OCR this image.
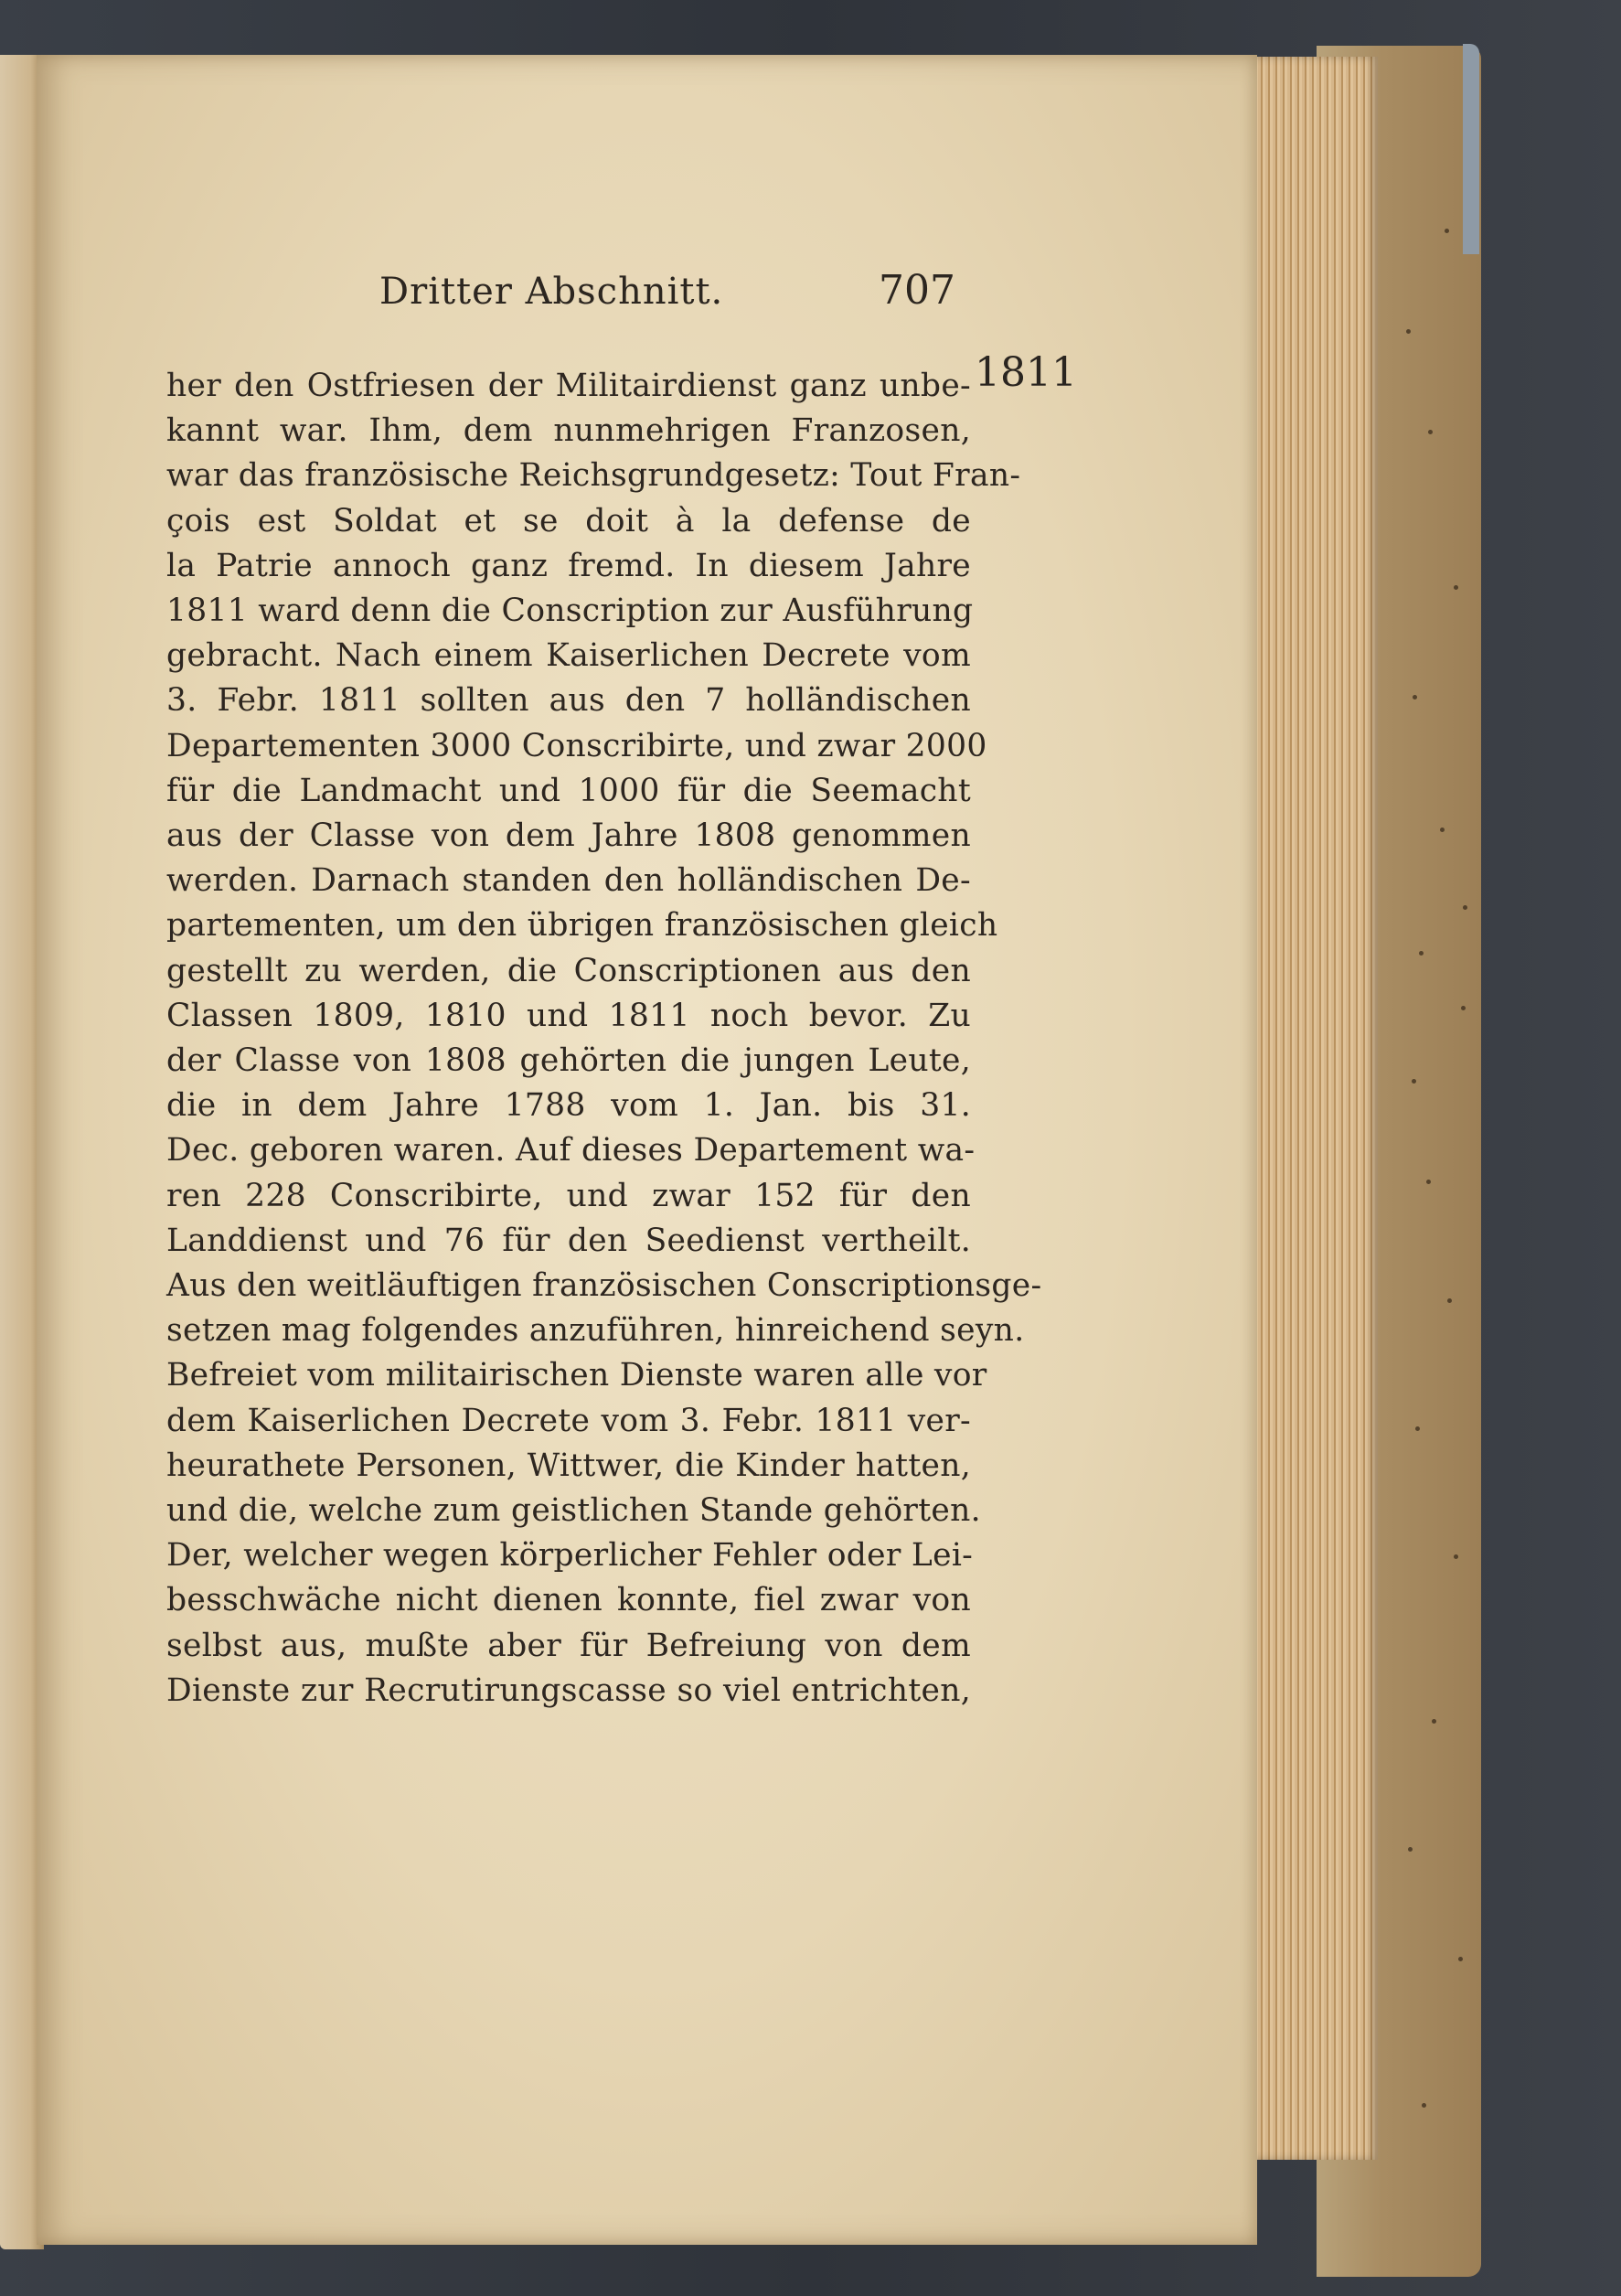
Dritter Abschnitt.	707
1811
her den Ostfriesen der Militairdienst ganz unbe-
kannt war. Ihm, dem nunmehrigen Franzosen,
war das französische Reichsgrundgesetz: Tout Fran-
çois est Soldat et se doit à la defense de
la Patrie annoch ganz fremd. In diesem Jahre
1811 ward denn die Conscription zur Ausführung
gebracht. Nach einem Kaiserlichen Decrete vom
3. Febr. 1811 sollten aus den 7 holländischen
Departementen 3000 Conscribirte, und zwar 2000
für die Landmacht und 1000 für die Seemacht
aus der Classe von dem Jahre 1808 genommen
werden. Darnach standen den holländischen De-
partementen, um den übrigen französischen gleich
gestellt zu werden, die Conscriptionen aus den
Classen 1809, 1810 und 1811 noch bevor. Zu
der Classe von 1808 gehörten die jungen Leute,
die in dem Jahre 1788 vom 1. Jan. bis 31.
Dec. geboren waren. Auf dieses Departement wa-
ren 228 Conscribirte, und zwar 152 für den
Landdienst und 76 für den Seedienst vertheilt.
Aus den weitläuftigen französischen Conscriptionsge-
setzen mag folgendes anzuführen, hinreichend seyn.
Befreiet vom militairischen Dienste waren alle vor
dem Kaiserlichen Decrete vom 3. Febr. 1811 ver-
heurathete Personen, Wittwer, die Kinder hatten,
und die, welche zum geistlichen Stande gehörten.
Der, welcher wegen körperlicher Fehler oder Lei-
besschwäche nicht dienen konnte, fiel zwar von
selbst aus, mußte aber für Befreiung von dem
Dienste zur Recrutirungscasse so viel entrichten,
